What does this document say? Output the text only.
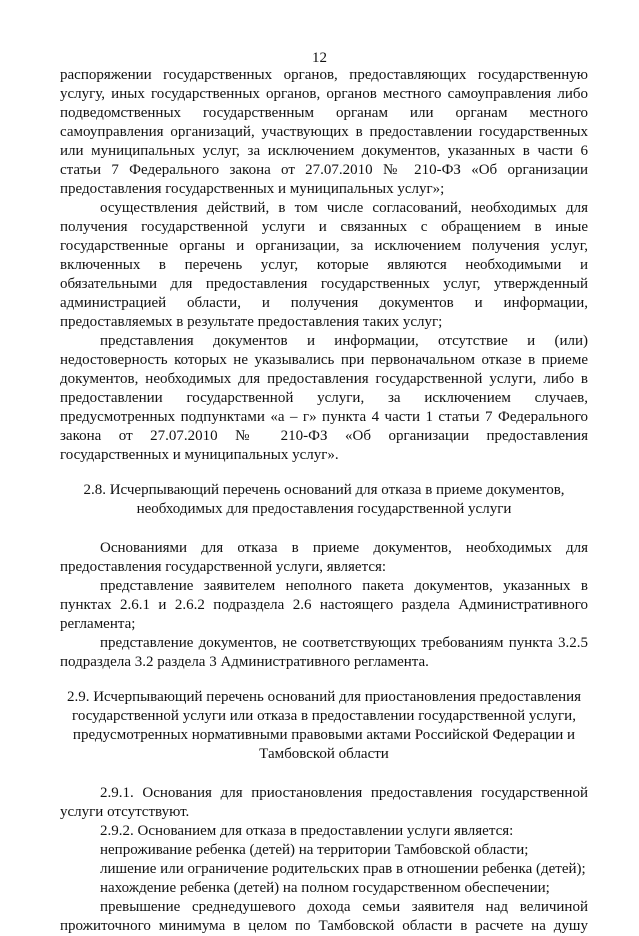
12
распоряжении государственных органов, предоставляющих государственную
услугу, иных государственных органов, органов местного самоуправления либо
подведомственных государственным органам или органам местного
самоуправления организаций, участвующих в предоставлении государственных
или муниципальных услуг, за исключением документов, указанных в части 6
статьи 7 Федерального закона от 27.07.2010 № 210-ФЗ «Об организации
предоставления государственных и муниципальных услуг»;
осуществления действий, в том числе согласований, необходимых для
получения государственной услуги и связанных с обращением в иные
государственные органы и организации, за исключением получения услуг,
включенных в перечень услуг, которые являются необходимыми и
обязательными для предоставления государственных услуг, утвержденный
администрацией области, и получения документов и информации,
предоставляемых в результате предоставления таких услуг;
представления документов и информации, отсутствие и (или)
недостоверность которых не указывались при первоначальном отказе в приеме
документов, необходимых для предоставления государственной услуги, либо в
предоставлении государственной услуги, за исключением случаев,
предусмотренных подпунктами «а – г» пункта 4 части 1 статьи 7 Федерального
закона от 27.07.2010 № 210-ФЗ «Об организации предоставления
государственных и муниципальных услуг».
2.8. Исчерпывающий перечень оснований для отказа в приеме документов,
необходимых для предоставления государственной услуги
Основаниями для отказа в приеме документов, необходимых для
предоставления государственной услуги, является:
представление заявителем неполного пакета документов, указанных в
пунктах 2.6.1 и 2.6.2 подраздела 2.6 настоящего раздела Административного
регламента;
представление документов, не соответствующих требованиям пункта 3.2.5
подраздела 3.2 раздела 3 Административного регламента.
2.9. Исчерпывающий перечень оснований для приостановления предоставления
государственной услуги или отказа в предоставлении государственной услуги,
предусмотренных нормативными правовыми актами Российской Федерации и
Тамбовской области
2.9.1. Основания для приостановления предоставления государственной
услуги отсутствуют.
2.9.2. Основанием для отказа в предоставлении услуги является:
непроживание ребенка (детей) на территории Тамбовской области;
лишение или ограничение родительских прав в отношении ребенка (детей);
нахождение ребенка (детей) на полном государственном обеспечении;
превышение среднедушевого дохода семьи заявителя над величиной
прожиточного минимума в целом по Тамбовской области в расчете на душу
